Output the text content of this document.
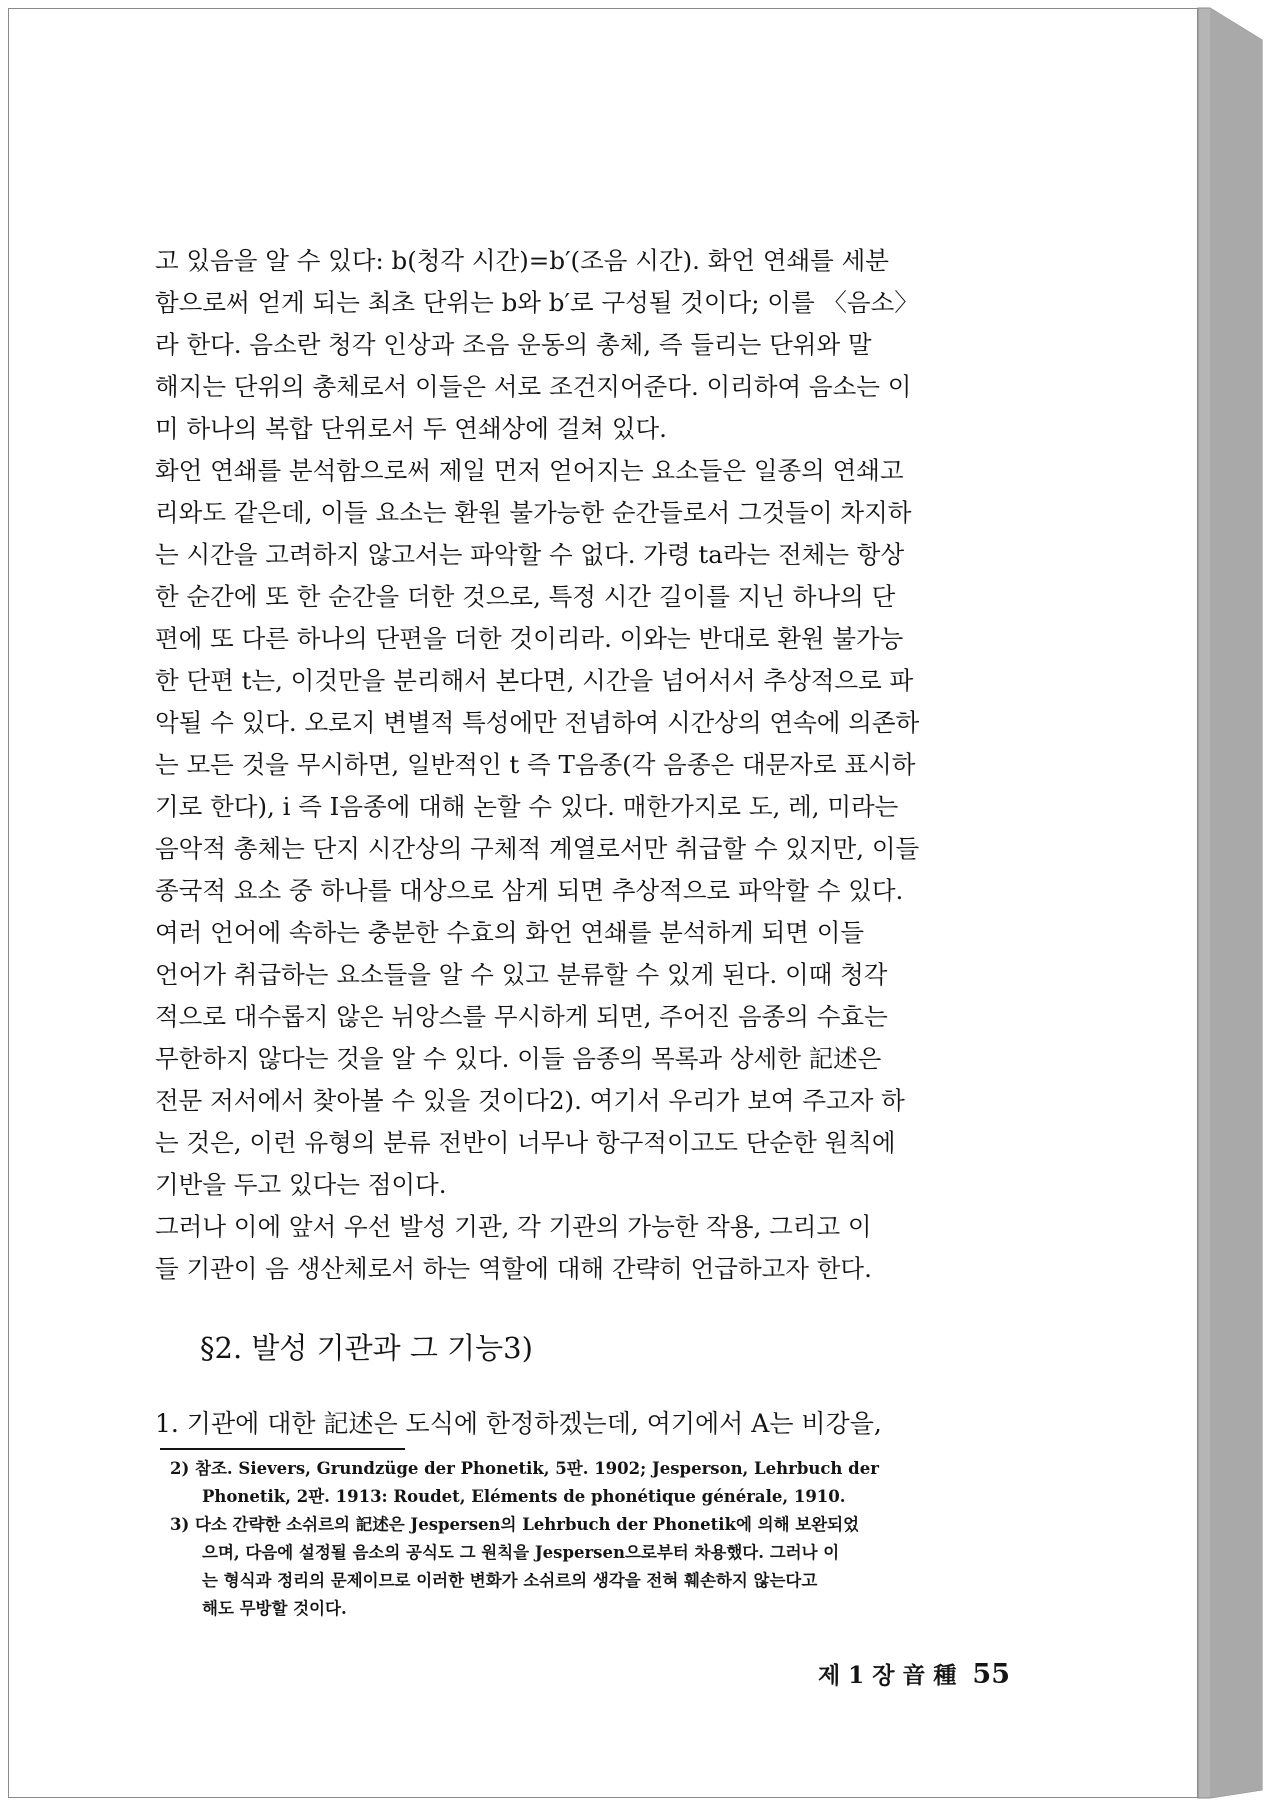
고 있음을 알 수 있다: b(청각 시간)=b′(조음 시간). 화언 연쇄를 세분
함으로써 얻게 되는 최초 단위는 b와 b′로 구성될 것이다; 이를 〈음소〉
라 한다. 음소란 청각 인상과 조음 운동의 총체, 즉 들리는 단위와 말
해지는 단위의 총체로서 이들은 서로 조건지어준다. 이리하여 음소는 이
미 하나의 복합 단위로서 두 연쇄상에 걸쳐 있다.
화언 연쇄를 분석함으로써 제일 먼저 얻어지는 요소들은 일종의 연쇄고
리와도 같은데, 이들 요소는 환원 불가능한 순간들로서 그것들이 차지하
는 시간을 고려하지 않고서는 파악할 수 없다. 가령 ta라는 전체는 항상
한 순간에 또 한 순간을 더한 것으로, 특정 시간 길이를 지닌 하나의 단
편에 또 다른 하나의 단편을 더한 것이리라. 이와는 반대로 환원 불가능
한 단편 t는, 이것만을 분리해서 본다면, 시간을 넘어서서 추상적으로 파
악될 수 있다. 오로지 변별적 특성에만 전념하여 시간상의 연속에 의존하
는 모든 것을 무시하면, 일반적인 t 즉 T음종(각 음종은 대문자로 표시하
기로 한다), i 즉 I음종에 대해 논할 수 있다. 매한가지로 도, 레, 미라는
음악적 총체는 단지 시간상의 구체적 계열로서만 취급할 수 있지만, 이들
종국적 요소 중 하나를 대상으로 삼게 되면 추상적으로 파악할 수 있다.
여러 언어에 속하는 충분한 수효의 화언 연쇄를 분석하게 되면 이들
언어가 취급하는 요소들을 알 수 있고 분류할 수 있게 된다. 이때 청각
적으로 대수롭지 않은 뉘앙스를 무시하게 되면, 주어진 음종의 수효는
무한하지 않다는 것을 알 수 있다. 이들 음종의 목록과 상세한 記述은
전문 저서에서 찾아볼 수 있을 것이다2). 여기서 우리가 보여 주고자 하
는 것은, 이런 유형의 분류 전반이 너무나 항구적이고도 단순한 원칙에
기반을 두고 있다는 점이다.
그러나 이에 앞서 우선 발성 기관, 각 기관의 가능한 작용, 그리고 이
들 기관이 음 생산체로서 하는 역할에 대해 간략히 언급하고자 한다.
§2. 발성 기관과 그 기능3)
1. 기관에 대한 記述은 도식에 한정하겠는데, 여기에서 A는 비강을,
2) 참조. Sievers, Grundzüge der Phonetik, 5판. 1902; Jesperson, Lehrbuch der
Phonetik, 2판. 1913: Roudet, Eléments de phonétique générale, 1910.
3) 다소 간략한 소쉬르의 記述은 Jespersen의 Lehrbuch der Phonetik에 의해 보완되었
으며, 다음에 설정될 음소의 공식도 그 원칙을 Jespersen으로부터 차용했다. 그러나 이
는 형식과 정리의 문제이므로 이러한 변화가 소쉬르의 생각을 전혀 훼손하지 않는다고
해도 무방할 것이다.
제 1 장 音 種 55
